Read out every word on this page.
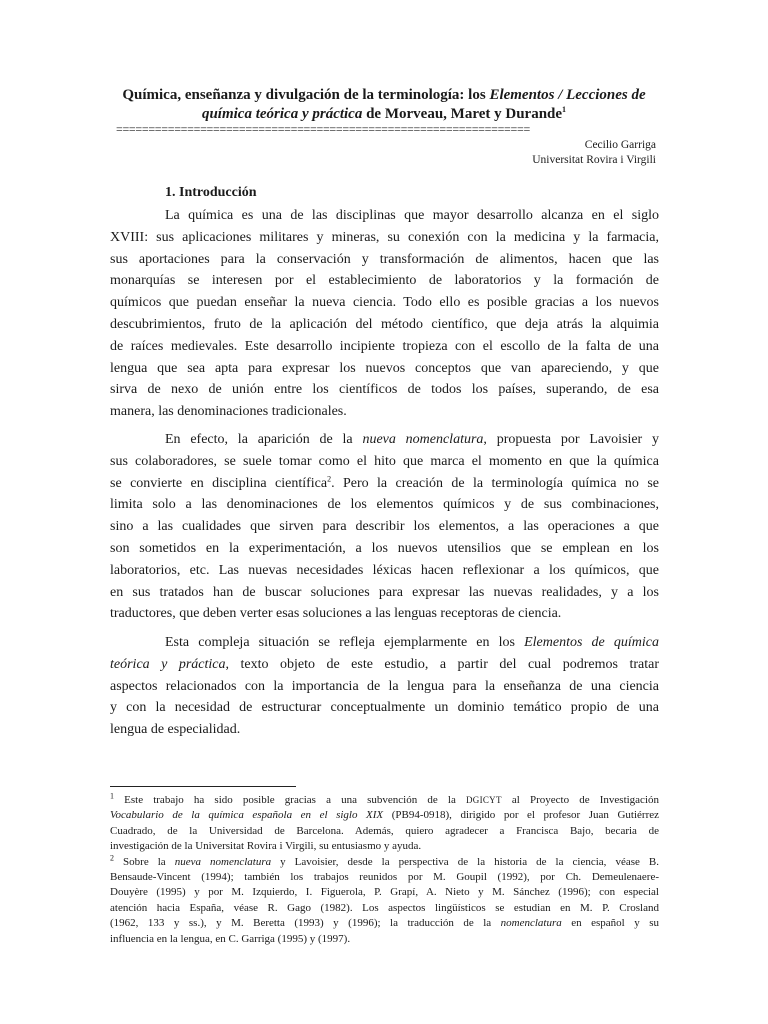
Química, enseñanza y divulgación de la terminología: los Elementos / Lecciones de
química teórica y práctica de Morveau, Maret y Durande$^1$
================================================================
Cecilio Garriga
Universitat Rovira i Virgili
1. Introducción
La química es una de las disciplinas que mayor desarrollo alcanza en el siglo
XVIII: sus aplicaciones militares y mineras, su conexión con la medicina y la farmacia,
sus aportaciones para la conservación y transformación de alimentos, hacen que las
monarquías se interesen por el establecimiento de laboratorios y la formación de
químicos que puedan enseñar la nueva ciencia. Todo ello es posible gracias a los nuevos
descubrimientos, fruto de la aplicación del método científico, que deja atrás la alquimia
de raíces medievales. Este desarrollo incipiente tropieza con el escollo de la falta de una
lengua que sea apta para expresar los nuevos conceptos que van apareciendo, y que
sirva de nexo de unión entre los científicos de todos los países, superando, de esa
manera, las denominaciones tradicionales.
En efecto, la aparición de la nueva nomenclatura, propuesta por Lavoisier y
sus colaboradores, se suele tomar como el hito que marca el momento en que la química
se convierte en disciplina científica$^2$. Pero la creación de la terminología química no se
limita solo a las denominaciones de los elementos químicos y de sus combinaciones,
sino a las cualidades que sirven para describir los elementos, a las operaciones a que
son sometidos en la experimentación, a los nuevos utensilios que se emplean en los
laboratorios, etc. Las nuevas necesidades léxicas hacen reflexionar a los químicos, que
en sus tratados han de buscar soluciones para expresar las nuevas realidades, y a los
traductores, que deben verter esas soluciones a las lenguas receptoras de ciencia.
Esta compleja situación se refleja ejemplarmente en los Elementos de química
teórica y práctica, texto objeto de este estudio, a partir del cual podremos tratar
aspectos relacionados con la importancia de la lengua para la enseñanza de una ciencia
y con la necesidad de estructurar conceptualmente un dominio temático propio de una
lengua de especialidad.
$^1$ Este trabajo ha sido posible gracias a una subvención de la DGICYT al Proyecto de Investigación
Vocabulario de la química española en el siglo XIX (PB94-0918), dirigido por el profesor Juan Gutiérrez
Cuadrado, de la Universidad de Barcelona. Además, quiero agradecer a Francisca Bajo, becaria de
investigación de la Universitat Rovira i Virgili, su entusiasmo y ayuda.
$^2$ Sobre la nueva nomenclatura y Lavoisier, desde la perspectiva de la historia de la ciencia, véase B.
Bensaude-Vincent (1994); también los trabajos reunidos por M. Goupil (1992), por Ch. Demeulenaere-
Douyère (1995) y por M. Izquierdo, I. Figuerola, P. Grapí, A. Nieto y M. Sánchez (1996); con especial
atención hacia España, véase R. Gago (1982). Los aspectos lingüísticos se estudian en M. P. Crosland
(1962, 133 y ss.), y M. Beretta (1993) y (1996); la traducción de la nomenclatura en español y su
influencia en la lengua, en C. Garriga (1995) y (1997).
